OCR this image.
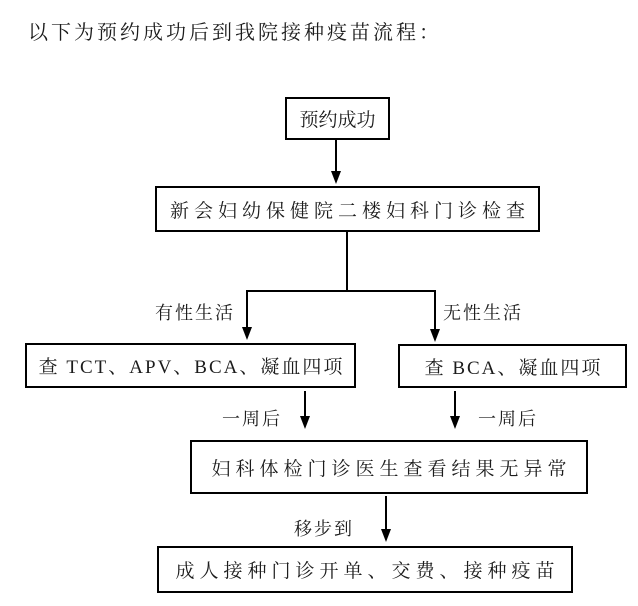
以下为预约成功后到我院接种疫苗流程：
预约成功
新会妇幼保健院二楼妇科门诊检查
有性生活	无性生活
查 TCT、APV、BCA、凝血四项	查 BCA、凝血四项
一周后	一周后
妇科体检门诊医生查看结果无异常
移步到
成人接种门诊开单、交费、接种疫苗
